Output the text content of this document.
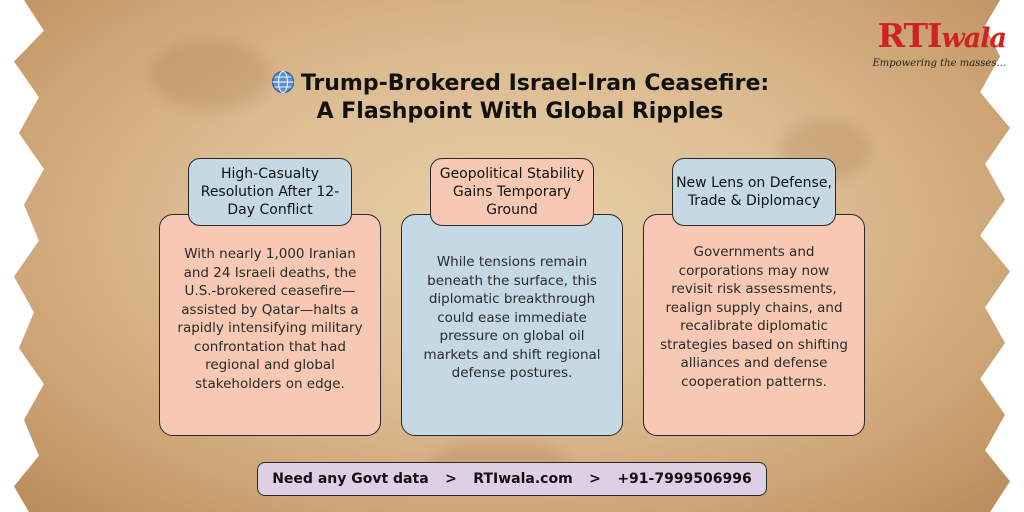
RTIwala
Empowering the masses...
Trump-Brokered Israel-Iran Ceasefire:
A Flashpoint With Global Ripples
With nearly 1,000 Iranian and 24 Israeli deaths, the U.S.-brokered ceasefire—assisted by Qatar—halts a rapidly intensifying military confrontation that had regional and global stakeholders on edge.
High-Casualty Resolution After 12-Day Conflict
While tensions remain beneath the surface, this diplomatic breakthrough could ease immediate pressure on global oil markets and shift regional defense postures.
Geopolitical Stability Gains Temporary Ground
Governments and corporations may now revisit risk assessments, realign supply chains, and recalibrate diplomatic strategies based on shifting alliances and defense cooperation patterns.
New Lens on Defense, Trade & Diplomacy
Need any Govt data > RTIwala.com > +91-7999506996
